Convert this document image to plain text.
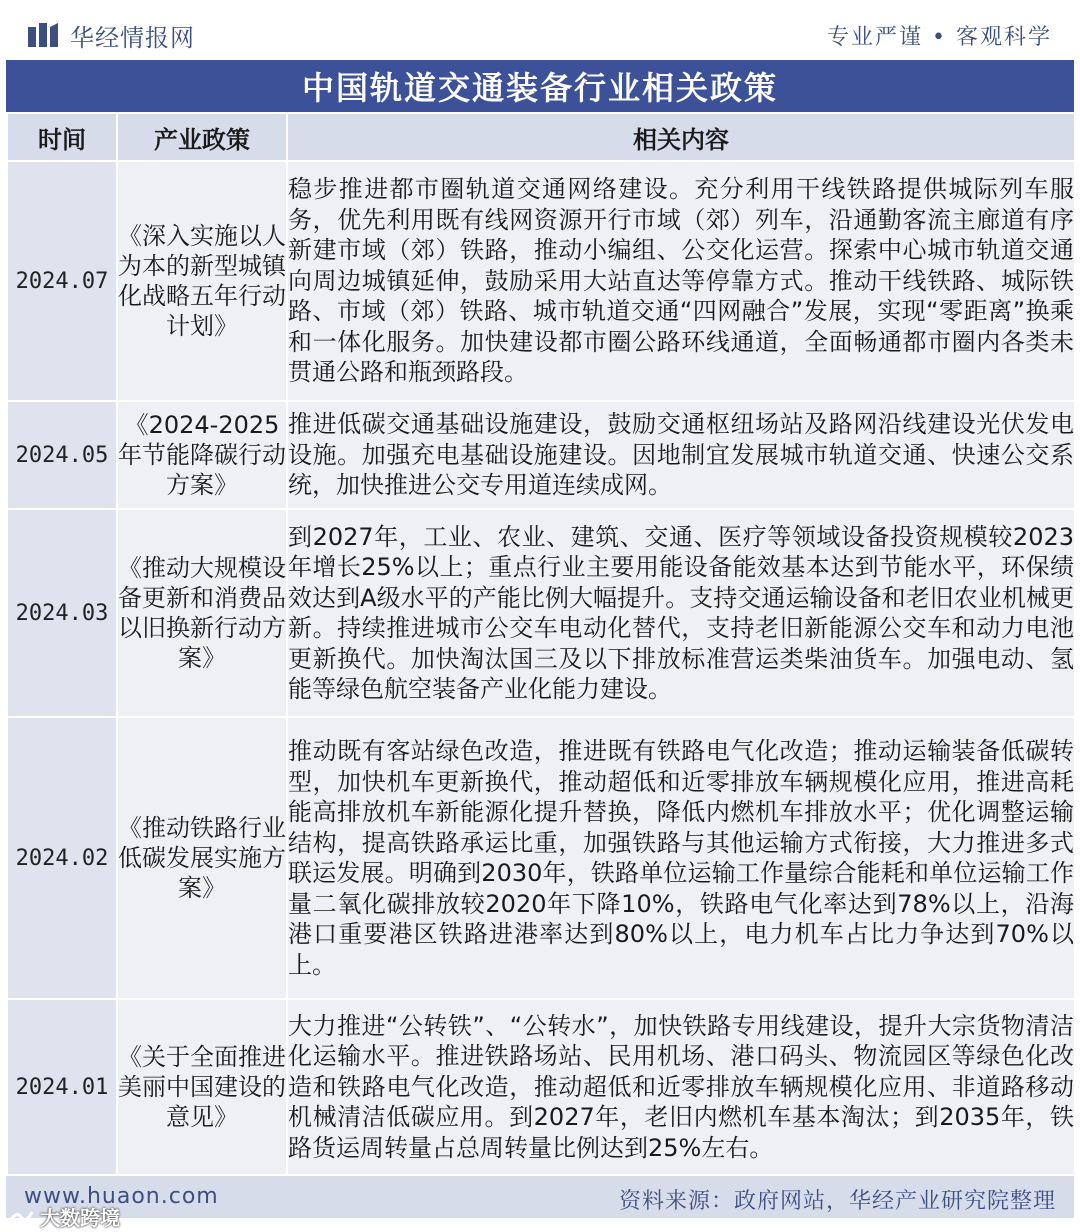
华经情报网	专业严谨 • 客观科学
中国轨道交通装备行业相关政策
时间	产业政策	相关内容
2024.07	《深入实施以人为本的新型城镇化战略五年行动计划》	稳步推进都市圈轨道交通网络建设。充分利用干线铁路提供城际列车服务，优先利用既有线网资源开行市域（郊）列车，沿通勤客流主廊道有序新建市域（郊）铁路，推动小编组、公交化运营。探索中心城市轨道交通向周边城镇延伸，鼓励采用大站直达等停靠方式。推动干线铁路、城际铁路、市域（郊）铁路、城市轨道交通“四网融合”发展，实现“零距离”换乘和一体化服务。加快建设都市圈公路环线通道，全面畅通都市圈内各类未贯通公路和瓶颈路段。
2024.05	《2024-2025年节能降碳行动方案》	推进低碳交通基础设施建设，鼓励交通枢纽场站及路网沿线建设光伏发电设施。加强充电基础设施建设。因地制宜发展城市轨道交通、快速公交系统，加快推进公交专用道连续成网。
2024.03	《推动大规模设备更新和消费品以旧换新行动方案》	到2027年，工业、农业、建筑、交通、医疗等领域设备投资规模较2023年增长25%以上；重点行业主要用能设备能效基本达到节能水平，环保绩效达到A级水平的产能比例大幅提升。支持交通运输设备和老旧农业机械更新。持续推进城市公交车电动化替代，支持老旧新能源公交车和动力电池更新换代。加快淘汰国三及以下排放标准营运类柴油货车。加强电动、氢能等绿色航空装备产业化能力建设。
2024.02	《推动铁路行业低碳发展实施方案》	推动既有客站绿色改造，推进既有铁路电气化改造；推动运输装备低碳转型，加快机车更新换代，推动超低和近零排放车辆规模化应用，推进高耗能高排放机车新能源化提升替换，降低内燃机车排放水平；优化调整运输结构，提高铁路承运比重，加强铁路与其他运输方式衔接，大力推进多式联运发展。明确到2030年，铁路单位运输工作量综合能耗和单位运输工作量二氧化碳排放较2020年下降10%，铁路电气化率达到78%以上，沿海港口重要港区铁路进港率达到80%以上，电力机车占比力争达到70%以上。
2024.01	《关于全面推进美丽中国建设的意见》	大力推进“公转铁”、“公转水”，加快铁路专用线建设，提升大宗货物清洁化运输水平。推进铁路场站、民用机场、港口码头、物流园区等绿色化改造和铁路电气化改造，推动超低和近零排放车辆规模化应用、非道路移动机械清洁低碳应用。到2027年，老旧内燃机车基本淘汰；到2035年，铁路货运周转量占总周转量比例达到25%左右。
www.huaon.com	资料来源：政府网站，华经产业研究院整理
大数跨境
